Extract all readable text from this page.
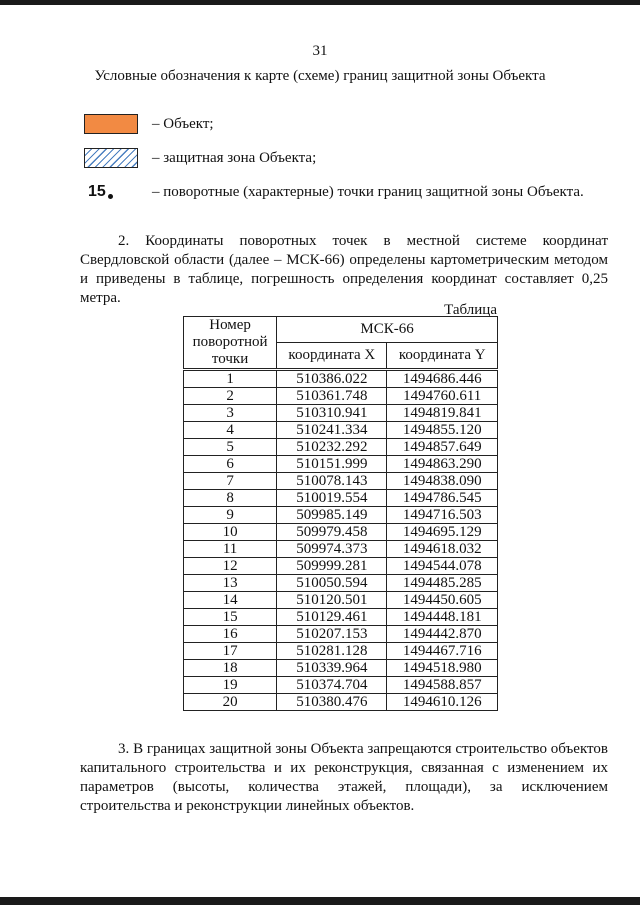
31
Условные обозначения к карте (схеме) границ защитной зоны Объекта
– Объект;
– защитная зона Объекта;
15	– поворотные (характерные) точки границ защитной зоны Объекта.
2. Координаты поворотных точек в местной системе координат Свердловской области (далее – МСК-66) определены картометрическим методом и приведены в таблице, погрешность определения координат составляет 0,25 метра.
Таблица
Номер поворотной точки	МСК-66	
	координата X	координата Y
1	510386.022	1494686.446
2	510361.748	1494760.611
3	510310.941	1494819.841
4	510241.334	1494855.120
5	510232.292	1494857.649
6	510151.999	1494863.290
7	510078.143	1494838.090
8	510019.554	1494786.545
9	509985.149	1494716.503
10	509979.458	1494695.129
11	509974.373	1494618.032
12	509999.281	1494544.078
13	510050.594	1494485.285
14	510120.501	1494450.605
15	510129.461	1494448.181
16	510207.153	1494442.870
17	510281.128	1494467.716
18	510339.964	1494518.980
19	510374.704	1494588.857
20	510380.476	1494610.126
3. В границах защитной зоны Объекта запрещаются строительство объектов капитального строительства и их реконструкция, связанная с изменением их параметров (высоты, количества этажей, площади), за исключением строительства и реконструкции линейных объектов.
